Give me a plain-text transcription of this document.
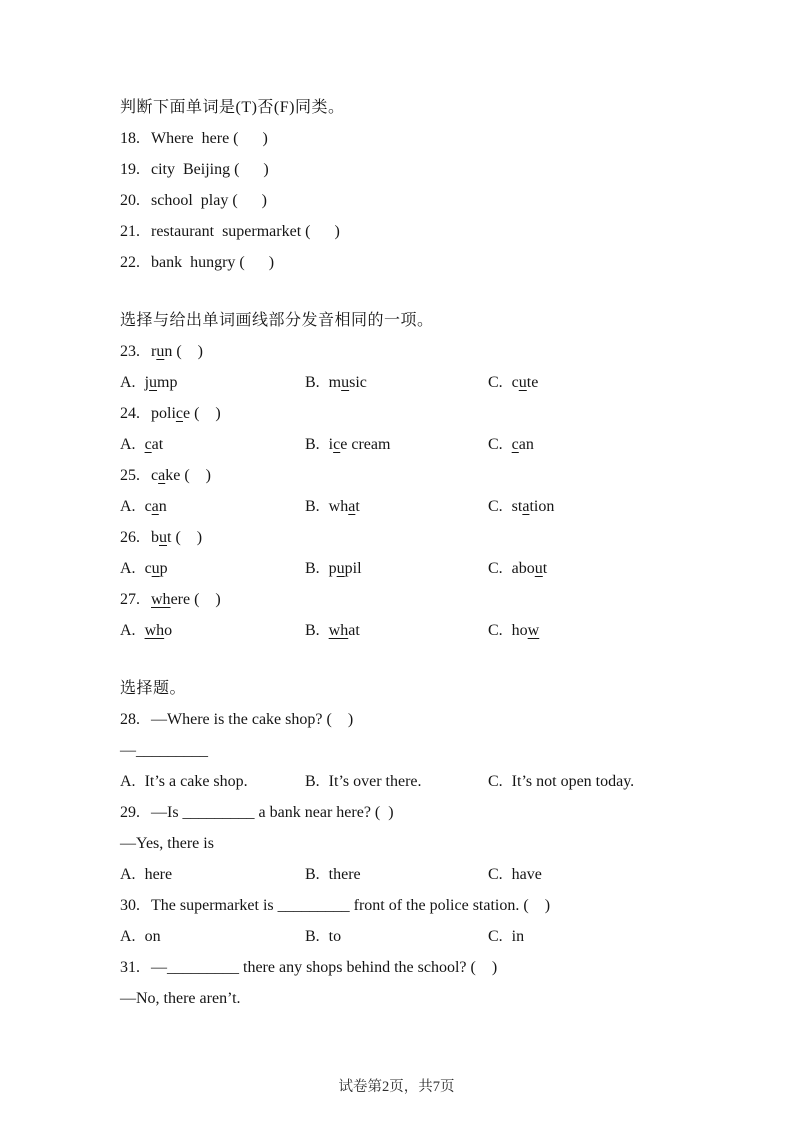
判断下面单词是(T)否(F)同类。
18. Where  here (      )
19. city  Beijing (      )
20. school  play (      )
21. restaurant  supermarket (      )
22. bank  hungry (      )
选择与给出单词画线部分发音相同的一项。
23. run (    )
A. jump	B. music	C. cute
24. police (    )
A. cat	B. ice cream	C. can
25. cake (    )
A. can	B. what	C. station
26. but (    )
A. cup	B. pupil	C. about
27. where (    )
A. who	B. what	C. how
选择题。
28. —Where is the cake shop? (    )
—_________
A. It’s a cake shop.	B. It’s over there.	C. It’s not open today.
29. —Is _________ a bank near here? (  )
—Yes, there is
A. here	B. there	C. have
30. The supermarket is _________ front of the police station. (    )
A. on	B. to	C. in
31. —_________ there any shops behind the school? (    )
—No, there aren’t.
试卷第2页，共7页
